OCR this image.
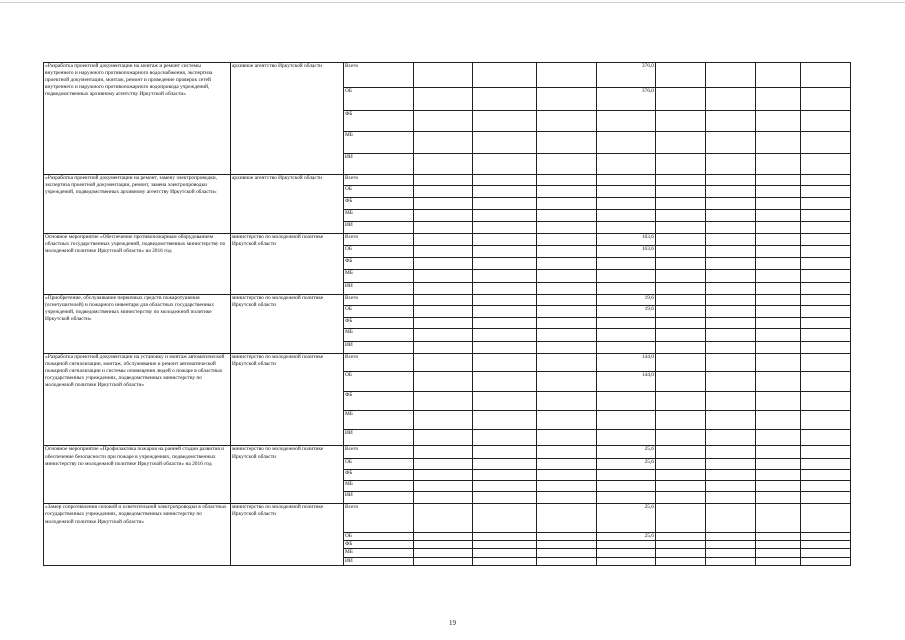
«Разработка проектной документации на монтаж и ремонт системы внутреннего и наружного противопожарного водоснабжения, экспертиза проектной документации, монтаж, ремонт и проведение проверок сетей внутреннего и наружного противопожарного водопровода учреждений, подведомственных архивному агентству Иркутской области»	архивное агентство Иркутской области	Всего				376,0				
		ОБ				376,0				
		ФБ								
		МБ								
		ИИ								

«Разработка проектной документации на ремонт, замену электропроводки, экспертиза проектной документации, ремонт, замена электропроводки учреждений, подведомственных архивному агентству Иркутской области»	архивное агентство Иркутской области	Всего								
		ОБ								
		ФБ								
		МБ								
		ИИ								

Основное мероприятие «Обеспечение противопожарным оборудованием областных государственных учреждений, подведомственных министерству по молодежной политике Иркутской области» на 2016 год	министерство по молодежной политике Иркутской области	Всего				163,6				
		ОБ				163,6				
		ФБ								
		МБ								
		ИИ								

«Приобретение, обслуживание первичных средств пожаротушения (огнетушителей) и пожарного инвентаря для областных государственных учреждений, подведомственных министерству по молодежной политике Иркутской области»	министерство по молодежной политике Иркутской области	Всего				19,6				
		ОБ				19,6				
		ФБ								
		МБ								
		ИИ								

«Разработка проектной документации на установку и монтаж автоматической пожарной сигнализации, монтаж, обслуживание и ремонт автоматической пожарной сигнализации и системы оповещения людей о пожаре в областных государственных учреждениях, подведомственных министерству по молодежной политике Иркутской области»	министерство по молодежной политике Иркутской области	Всего				144,0				
		ОБ				144,0				
		ФБ								
		МБ								
		ИИ								

Основное мероприятие «Профилактика пожаров на ранней стадии развития и обеспечение безопасности при пожаре в учреждениях, подведомственных министерству по молодежной политике Иркутской области» на 2016 год	министерство по молодежной политике Иркутской области	Всего				25,6				
		ОБ				25,6				
		ФБ								
		МБ								
		ИИ								

«Замер сопротивления силовой и осветительной электропроводки в областных государственных учреждениях, подведомственных министерству по молодежной политике Иркутской области»	министерство по молодежной политике Иркутской области	Всего				25,6				
		ОБ				25,6				
		ФБ								
		МБ								
		ИИ								
19
